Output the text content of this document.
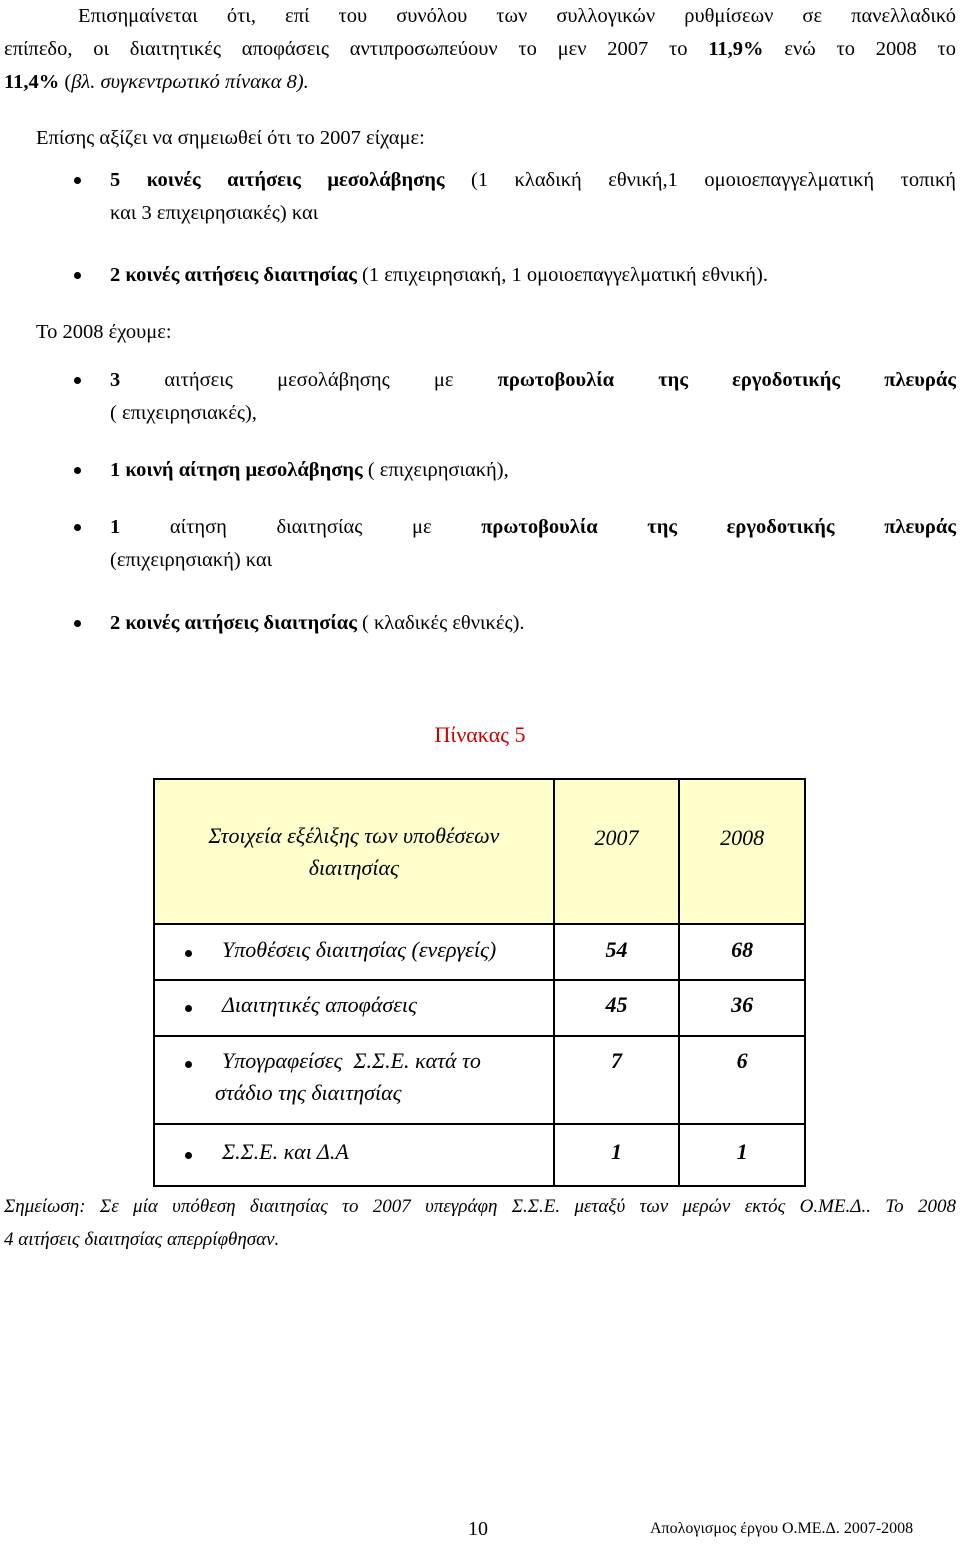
Επισημαίνεται ότι, επί του συνόλου των συλλογικών ρυθμίσεων σε πανελλαδικό
επίπεδο, οι διαιτητικές αποφάσεις αντιπροσωπεύουν το μεν 2007 το 11,9% ενώ το 2008 το
11,4% (βλ. συγκεντρωτικό πίνακα 8).
Επίσης αξίζει να σημειωθεί ότι το 2007 είχαμε:
5 κοινές αιτήσεις μεσολάβησης (1 κλαδική εθνική,1 ομοιοεπαγγελματική τοπική
και 3 επιχειρησιακές) και
2 κοινές αιτήσεις διαιτησίας (1 επιχειρησιακή, 1 ομοιοεπαγγελματική εθνική).
Το 2008 έχουμε:
3 αιτήσεις μεσολάβησης με πρωτοβουλία της εργοδοτικής πλευράς
( επιχειρησιακές),
1 κοινή αίτηση μεσολάβησης ( επιχειρησιακή),
1 αίτηση διαιτησίας με πρωτοβουλία της εργοδοτικής πλευράς
(επιχειρησιακή) και
2 κοινές αιτήσεις διαιτησίας ( κλαδικές εθνικές).
Πίνακας 5
Στοιχεία εξέλιξης των υποθέσεων
διαιτησίας	2007	2008

Υποθέσεις διαιτησίας (ενεργείς)	54	68

Διαιτητικές αποφάσεις	45	36

Υπογραφείσες  Σ.Σ.Ε. κατά το
στάδιο της διαιτησίας	7	6

Σ.Σ.Ε. και Δ.Α	1	1
Σημείωση: Σε μία υπόθεση διαιτησίας το 2007 υπεγράφη Σ.Σ.Ε. μεταξύ των μερών εκτός Ο.ΜΕ.Δ.. Το 2008
4 αιτήσεις διαιτησίας απερρίφθησαν.
10	Απολογισμος έργου Ο.ΜΕ.Δ. 2007-2008
